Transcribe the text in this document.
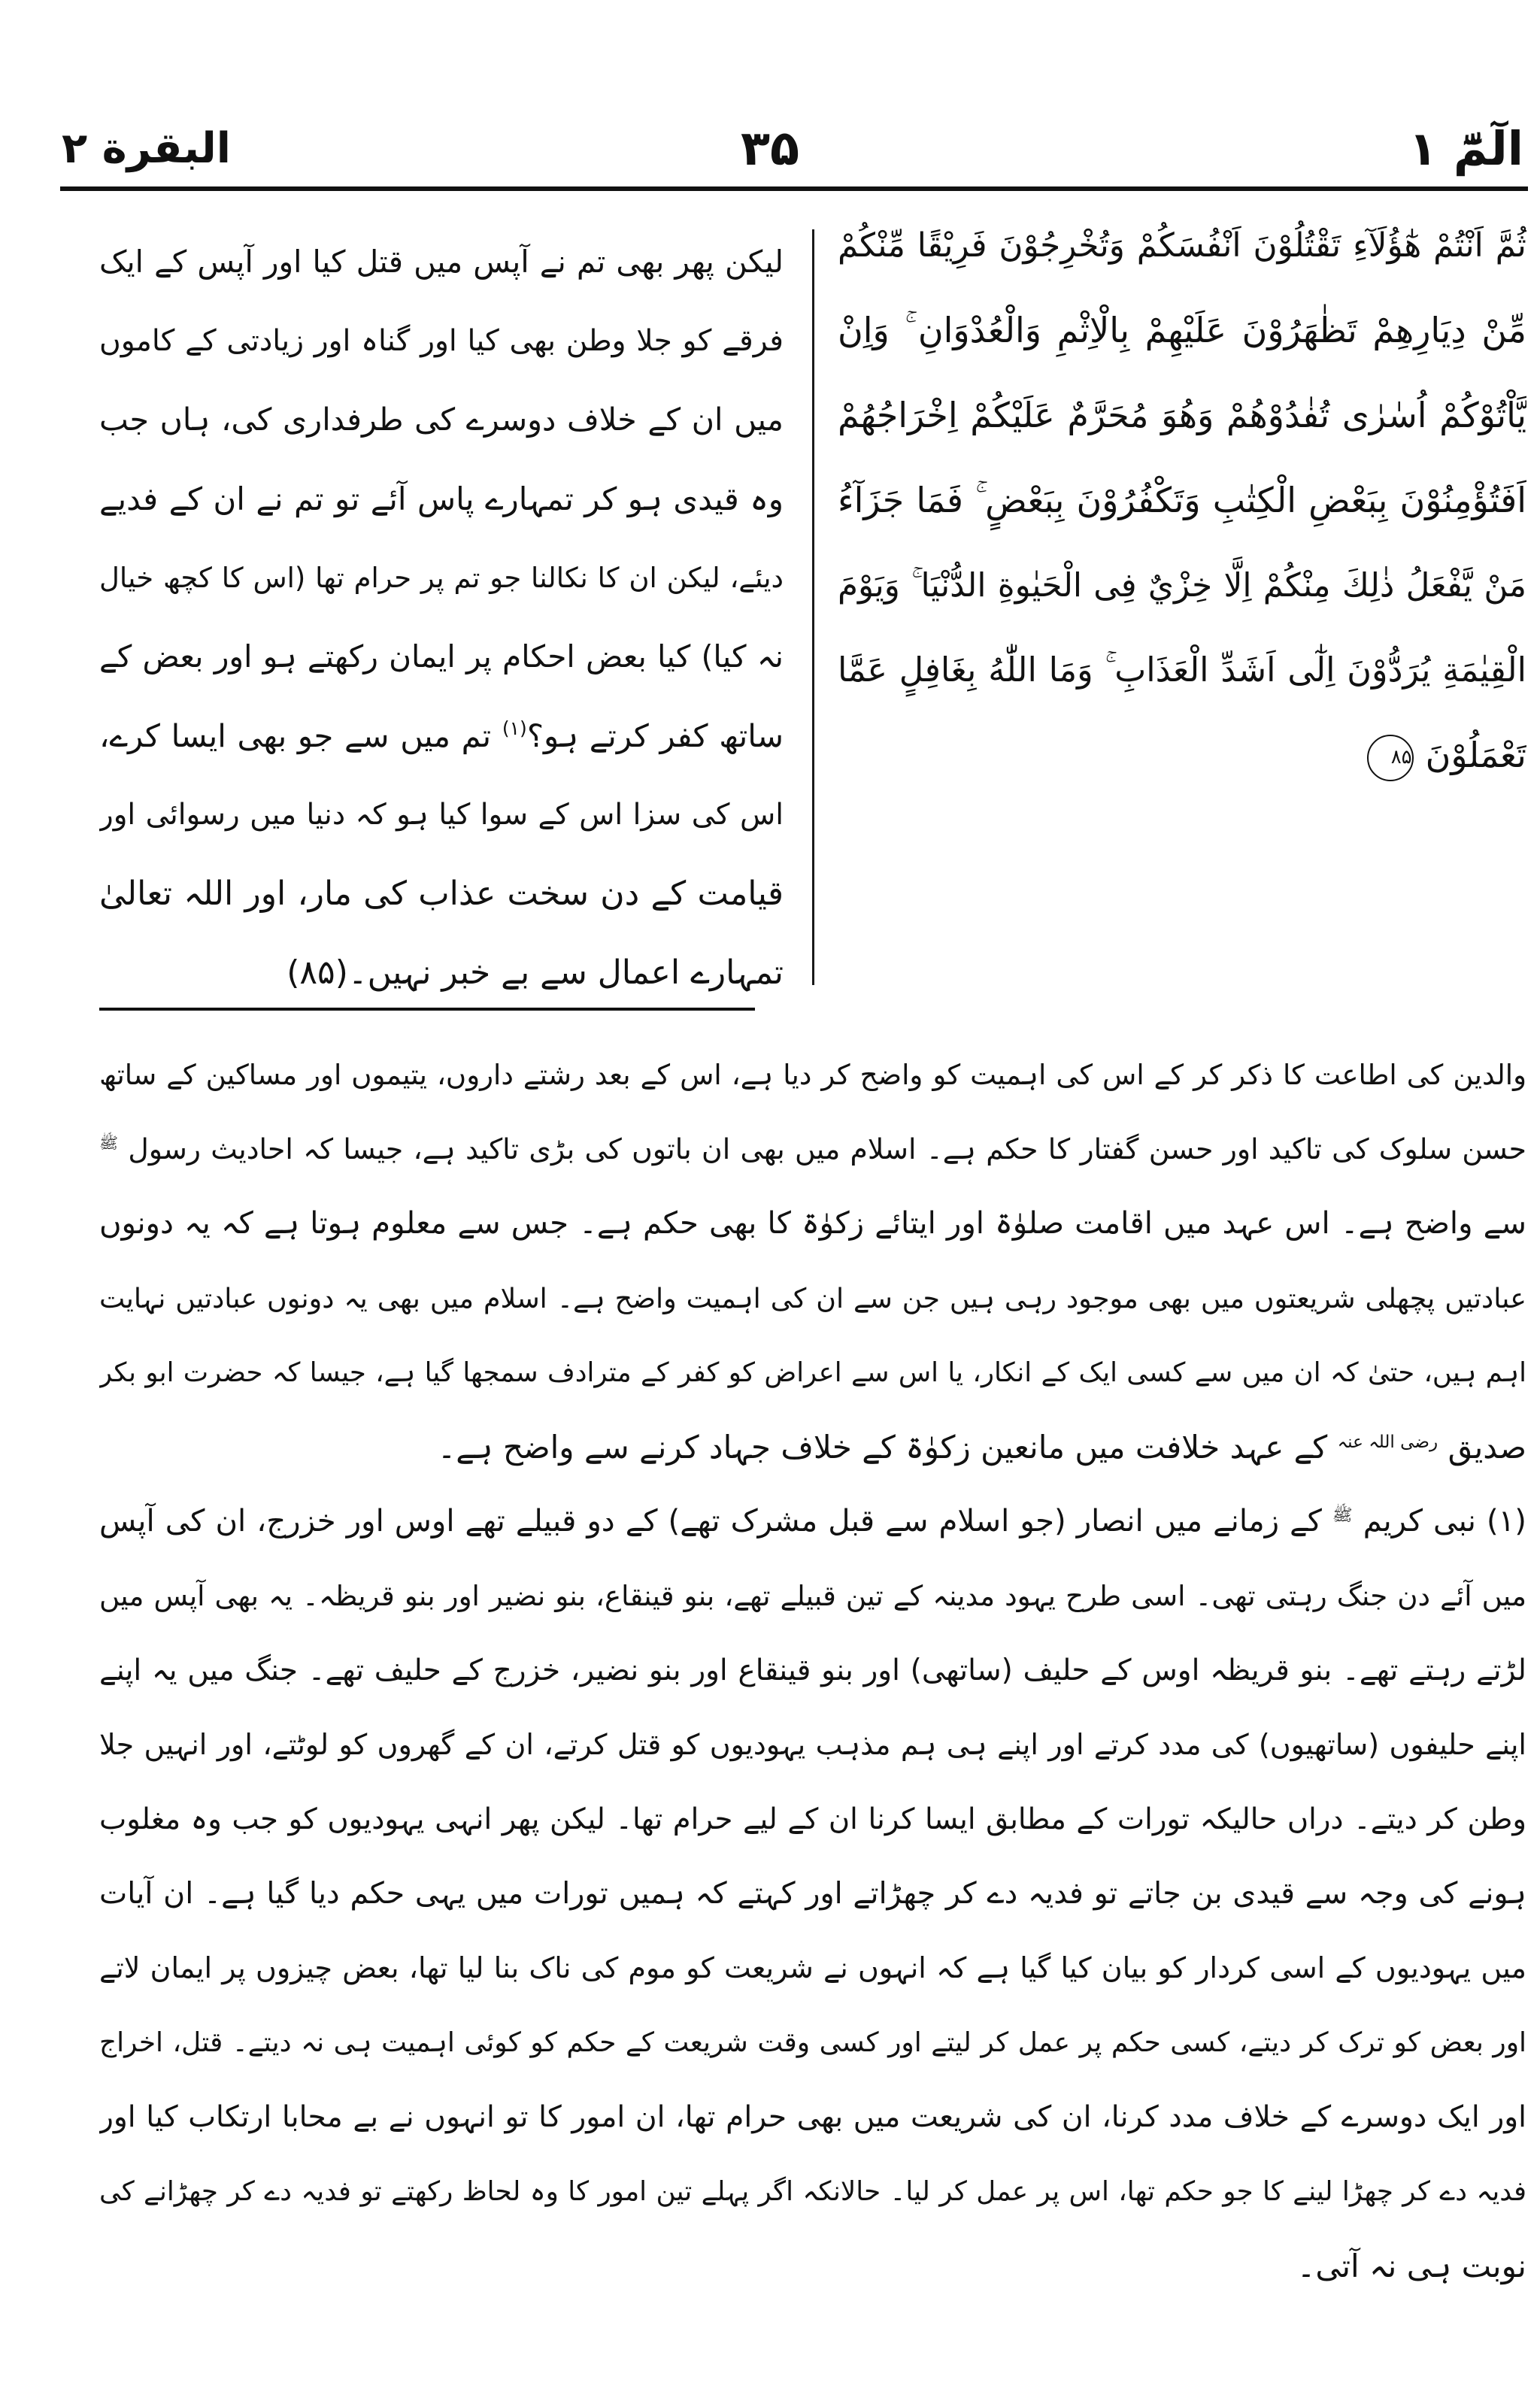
الٓمّٓ ۱
۳۵
البقرة ۲
ثُمَّ اَنْتُمْ هٰٓؤُلَآءِ تَقْتُلُوْنَ اَنْفُسَكُمْ وَتُخْرِجُوْنَ فَرِيْقًا مِّنْكُمْ
مِّنْ دِيَارِهِمْ تَظٰهَرُوْنَ عَلَيْهِمْ بِالْاِثْمِ وَالْعُدْوَانِ ۚ وَاِنْ
يَّاْتُوْكُمْ اُسٰرٰى تُفٰدُوْهُمْ وَهُوَ مُحَرَّمٌ عَلَيْكُمْ اِخْرَاجُهُمْ
اَفَتُؤْمِنُوْنَ بِبَعْضِ الْكِتٰبِ وَتَكْفُرُوْنَ بِبَعْضٍ ۚ فَمَا جَزَآءُ
مَنْ يَّفْعَلُ ذٰلِكَ مِنْكُمْ اِلَّا خِزْيٌ فِى الْحَيٰوةِ الدُّنْيَا ۚ وَيَوْمَ
الْقِيٰمَةِ يُرَدُّوْنَ اِلٰٓى اَشَدِّ الْعَذَابِ ۚ وَمَا اللّٰهُ بِغَافِلٍ عَمَّا
تَعْمَلُوْنَ۸۵
لیکن پھر بھی تم نے آپس میں قتل کیا اور آپس کے ایک
فرقے کو جلا وطن بھی کیا اور گناہ اور زیادتی کے کاموں
میں ان کے خلاف دوسرے کی طرفداری کی، ہاں جب
وہ قیدی ہو کر تمہارے پاس آئے تو تم نے ان کے فدیے
دیئے، لیکن ان کا نکالنا جو تم پر حرام تھا (اس کا کچھ خیال
نہ کیا) کیا بعض احکام پر ایمان رکھتے ہو اور بعض کے
ساتھ کفر کرتے ہو؟$^{(۱)}$ تم میں سے جو بھی ایسا کرے،
اس کی سزا اس کے سوا کیا ہو کہ دنیا میں رسوائی اور
قیامت کے دن سخت عذاب کی مار، اور اللہ تعالیٰ
تمہارے اعمال سے بے خبر نہیں۔(۸۵)
والدین کی اطاعت کا ذکر کر کے اس کی اہمیت کو واضح کر دیا ہے، اس کے بعد رشتے داروں، یتیموں اور مساکین کے ساتھ
حسن سلوک کی تاکید اور حسن گفتار کا حکم ہے۔ اسلام میں بھی ان باتوں کی بڑی تاکید ہے، جیسا کہ احادیث رسول $^ﷺ$
سے واضح ہے۔ اس عہد میں اقامت صلوٰۃ اور ایتائے زکوٰۃ کا بھی حکم ہے۔ جس سے معلوم ہوتا ہے کہ یہ دونوں
عبادتیں پچھلی شریعتوں میں بھی موجود رہی ہیں جن سے ان کی اہمیت واضح ہے۔ اسلام میں بھی یہ دونوں عبادتیں نہایت
اہم ہیں، حتیٰ کہ ان میں سے کسی ایک کے انکار، یا اس سے اعراض کو کفر کے مترادف سمجھا گیا ہے، جیسا کہ حضرت ابو بکر
صدیق $^{رضی اللہ عنہ}$ کے عہد خلافت میں مانعین زکوٰۃ کے خلاف جہاد کرنے سے واضح ہے۔
(۱) نبی کریم $^ﷺ$ کے زمانے میں انصار (جو اسلام سے قبل مشرک تھے) کے دو قبیلے تھے اوس اور خزرج، ان کی آپس
میں آئے دن جنگ رہتی تھی۔ اسی طرح یہود مدینہ کے تین قبیلے تھے، بنو قینقاع، بنو نضیر اور بنو قریظہ۔ یہ بھی آپس میں
لڑتے رہتے تھے۔ بنو قریظہ اوس کے حلیف (ساتھی) اور بنو قینقاع اور بنو نضیر، خزرج کے حلیف تھے۔ جنگ میں یہ اپنے
اپنے حلیفوں (ساتھیوں) کی مدد کرتے اور اپنے ہی ہم مذہب یہودیوں کو قتل کرتے، ان کے گھروں کو لوٹتے، اور انہیں جلا
وطن کر دیتے۔ دراں حالیکہ تورات کے مطابق ایسا کرنا ان کے لیے حرام تھا۔ لیکن پھر انہی یہودیوں کو جب وہ مغلوب
ہونے کی وجہ سے قیدی بن جاتے تو فدیہ دے کر چھڑاتے اور کہتے کہ ہمیں تورات میں یہی حکم دیا گیا ہے۔ ان آیات
میں یہودیوں کے اسی کردار کو بیان کیا گیا ہے کہ انہوں نے شریعت کو موم کی ناک بنا لیا تھا، بعض چیزوں پر ایمان لاتے
اور بعض کو ترک کر دیتے، کسی حکم پر عمل کر لیتے اور کسی وقت شریعت کے حکم کو کوئی اہمیت ہی نہ دیتے۔ قتل، اخراج
اور ایک دوسرے کے خلاف مدد کرنا، ان کی شریعت میں بھی حرام تھا، ان امور کا تو انہوں نے بے محابا ارتکاب کیا اور
فدیہ دے کر چھڑا لینے کا جو حکم تھا، اس پر عمل کر لیا۔ حالانکہ اگر پہلے تین امور کا وہ لحاظ رکھتے تو فدیہ دے کر چھڑانے کی
نوبت ہی نہ آتی۔
